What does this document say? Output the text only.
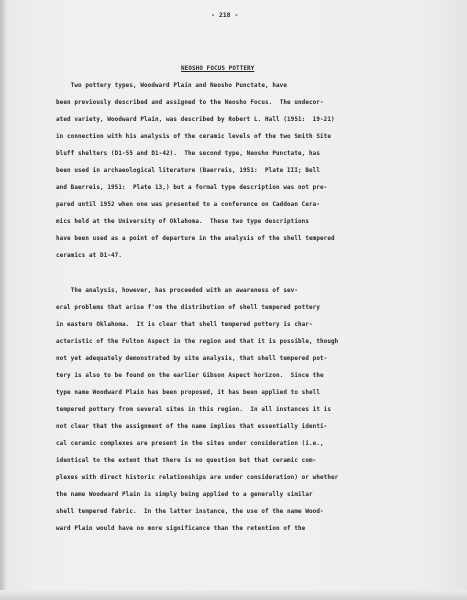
- 218 -
NEOSHO FOCUS POTTERY
Two pottery types, Woodward Plain and Neosho Punctate, have
been previously described and assigned to the Neosho Focus.  The undecor-
ated variety, Woodward Plain, was described by Robert L. Hall (1951:  19-21)
in connection with his analysis of the ceramic levels of the two Smith Site
bluff shelters (D1-55 and D1-42).  The second type, Neosho Punctate, has
been used in archaeological literature (Baerreis, 1951:  Plate III; Bell
and Baerreis, 1951:  Plate 13,) but a formal type description was not pre-
pared until 1952 when one was presented to a conference on Caddoan Cera-
mics held at the University of Oklahoma.  These two type descriptions
have been used as a point of departure in the analysis of the shell tempered
ceramics at D1-47.
The analysis, however, has proceeded with an awareness of sev-
eral problems that arise f'om the distribution of shell tempered pottery
in eastern Oklahoma.  It is clear that shell tempered pottery is char-
acteristic of the Fulton Aspect in the region and that it is possible, though
not yet adequately demonstrated by site analysis, that shell tempered pot-
tery is also to be found on the earlier Gibson Aspect horizon.  Since the
type name Woodward Plain has been proposed, it has been applied to shell
tempered pottery from several sites in this region.  In all instances it is
not clear that the assignment of the name implies that essentially identi-
cal ceramic complexes are present in the sites under consideration (i.e.,
identical to the extent that there is no question but that ceramic com-
plexes with direct historic relationships are under consideration) or whether
the name Woodward Plain is simply being applied to a generally similar
shell tempered fabric.  In the latter instance, the use of the name Wood-
ward Plain would have no more significance than the retention of the
